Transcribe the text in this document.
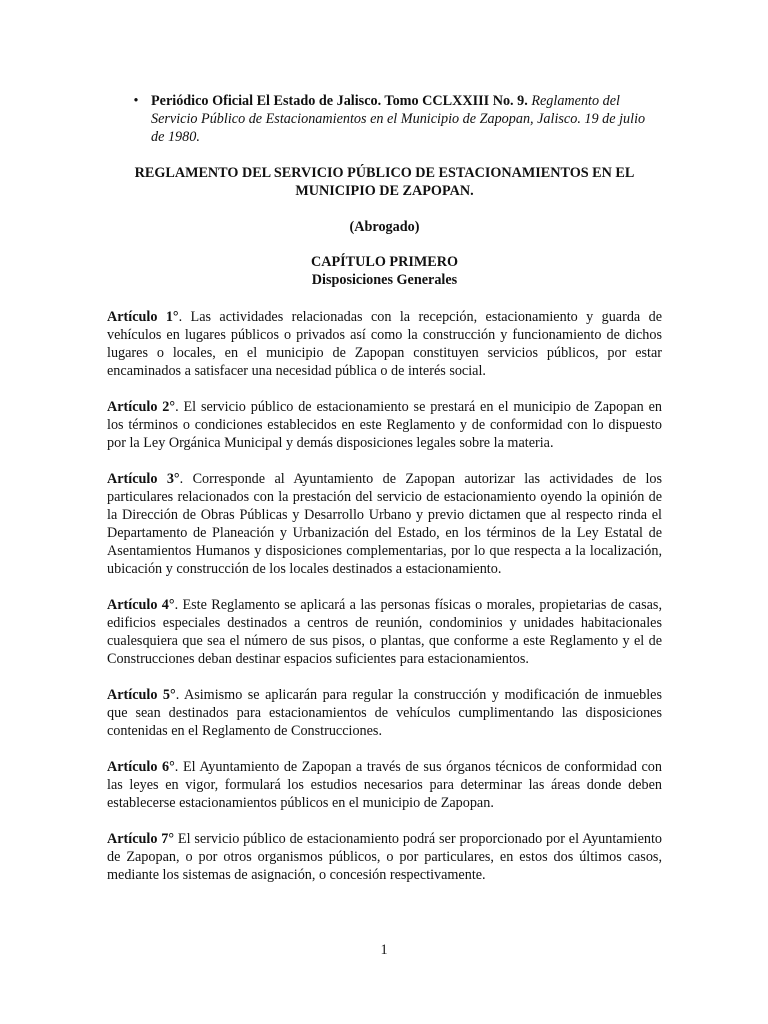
• Periódico Oficial El Estado de Jalisco. Tomo CCLXXIII No. 9. Reglamento del Servicio Público de Estacionamientos en el Municipio de Zapopan, Jalisco. 19 de julio de 1980.
REGLAMENTO DEL SERVICIO PÚBLICO DE ESTACIONAMIENTOS EN EL
MUNICIPIO DE ZAPOPAN.
(Abrogado)
CAPÍTULO PRIMERO
Disposiciones Generales

Artículo 1°. Las actividades relacionadas con la recepción, estacionamiento y guarda de vehículos en lugares públicos o privados así como la construcción y funcionamiento de dichos lugares o locales, en el municipio de Zapopan constituyen servicios públicos, por estar encaminados a satisfacer una necesidad pública o de interés social.

Artículo 2°. El servicio público de estacionamiento se prestará en el municipio de Zapopan en los términos o condiciones establecidos en este Reglamento y de conformidad con lo dispuesto por la Ley Orgánica Municipal y demás disposiciones legales sobre la materia.

Artículo 3°. Corresponde al Ayuntamiento de Zapopan autorizar las actividades de los particulares relacionados con la prestación del servicio de estacionamiento oyendo la opinión de la Dirección de Obras Públicas y Desarrollo Urbano y previo dictamen que al respecto rinda el Departamento de Planeación y Urbanización del Estado, en los términos de la Ley Estatal de Asentamientos Humanos y disposiciones complementarias, por lo que respecta a la localización, ubicación y construcción de los locales destinados a estacionamiento.

Artículo 4°. Este Reglamento se aplicará a las personas físicas o morales, propietarias de casas, edificios especiales destinados a centros de reunión, condominios y unidades habitacionales cualesquiera que sea el número de sus pisos, o plantas, que conforme a este Reglamento y el de Construcciones deban destinar espacios suficientes para estacionamientos.

Artículo 5°. Asimismo se aplicarán para regular la construcción y modificación de inmuebles que sean destinados para estacionamientos de vehículos cumplimentando las disposiciones contenidas en el Reglamento de Construcciones.

Artículo 6°. El Ayuntamiento de Zapopan a través de sus órganos técnicos de conformidad con las leyes en vigor, formulará los estudios necesarios para determinar las áreas donde deben establecerse estacionamientos públicos en el municipio de Zapopan.

Artículo 7° El servicio público de estacionamiento podrá ser proporcionado por el Ayuntamiento de Zapopan, o por otros organismos públicos, o por particulares, en estos dos últimos casos, mediante los sistemas de asignación, o concesión respectivamente.

1
